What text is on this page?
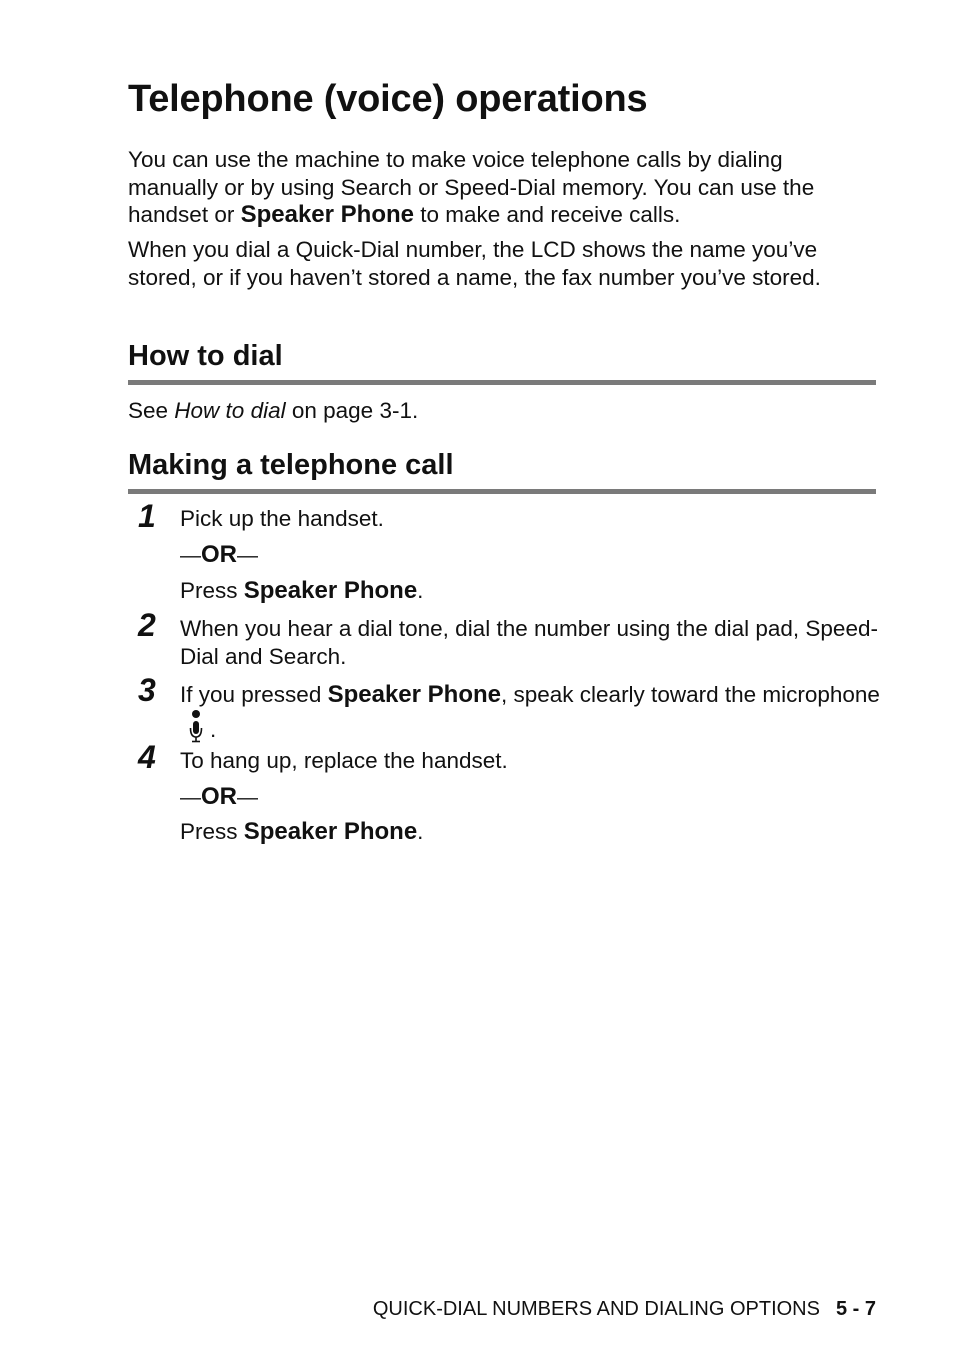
Telephone (voice) operations

You can use the machine to make voice telephone calls by dialing manually or by using Search or Speed-Dial memory. You can use the handset or Speaker Phone to make and receive calls.

When you dial a Quick-Dial number, the LCD shows the name you’ve stored, or if you haven’t stored a name, the fax number you’ve stored.

How to dial

See How to dial on page 3-1.

Making a telephone call
1 Pick up the handset.

—OR—

Press Speaker Phone.

2 When you hear a dial tone, dial the number using the dial pad, Speed-Dial and Search.

3 If you pressed Speaker Phone, speak clearly toward the microphone.

4 To hang up, replace the handset.

—OR—

Press Speaker Phone.

QUICK-DIAL NUMBERS AND DIALING OPTIONS 5 - 7
